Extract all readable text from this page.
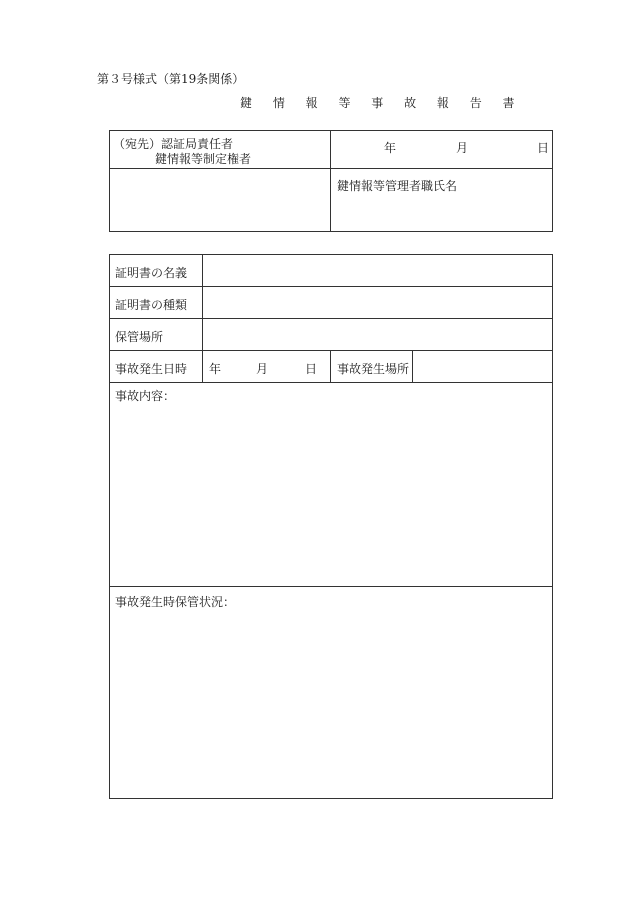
第３号様式（第19条関係）
鍵 情 報 等 事 故 報 告 書
（宛先）認証局責任者
鍵情報等制定権者
年	月	日
鍵情報等管理者職氏名
証明書の名義
証明書の種類
保管場所
事故発生日時 年	月	日 事故発生場所
事故内容：
事故発生時保管状況：
